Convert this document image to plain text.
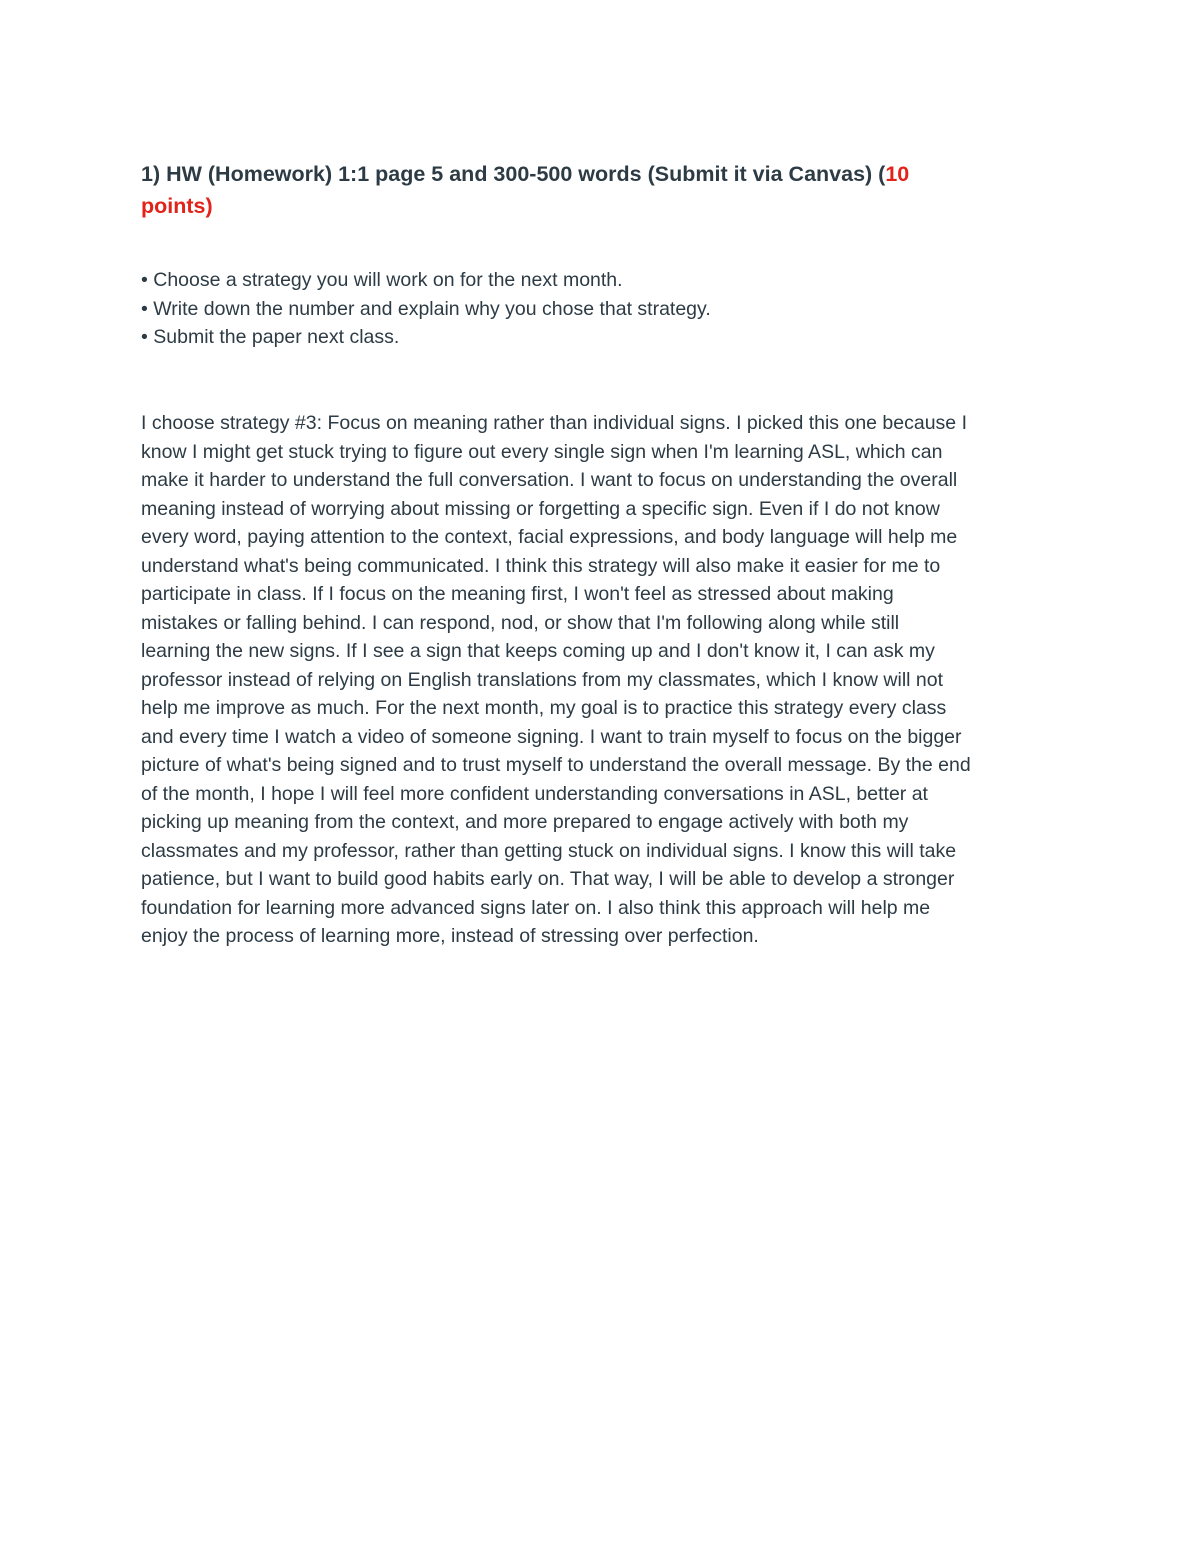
1) HW (Homework) 1:1 page 5 and 300-500 words (Submit it via Canvas) (10
points)
• Choose a strategy you will work on for the next month.
• Write down the number and explain why you chose that strategy.
• Submit the paper next class.

I choose strategy #3: Focus on meaning rather than individual signs. I picked this one because I
know I might get stuck trying to figure out every single sign when I'm learning ASL, which can
make it harder to understand the full conversation. I want to focus on understanding the overall
meaning instead of worrying about missing or forgetting a specific sign. Even if I do not know
every word, paying attention to the context, facial expressions, and body language will help me
understand what's being communicated. I think this strategy will also make it easier for me to
participate in class. If I focus on the meaning first, I won't feel as stressed about making
mistakes or falling behind. I can respond, nod, or show that I'm following along while still
learning the new signs. If I see a sign that keeps coming up and I don't know it, I can ask my
professor instead of relying on English translations from my classmates, which I know will not
help me improve as much. For the next month, my goal is to practice this strategy every class
and every time I watch a video of someone signing. I want to train myself to focus on the bigger
picture of what's being signed and to trust myself to understand the overall message. By the end
of the month, I hope I will feel more confident understanding conversations in ASL, better at
picking up meaning from the context, and more prepared to engage actively with both my
classmates and my professor, rather than getting stuck on individual signs. I know this will take
patience, but I want to build good habits early on. That way, I will be able to develop a stronger
foundation for learning more advanced signs later on. I also think this approach will help me
enjoy the process of learning more, instead of stressing over perfection.
